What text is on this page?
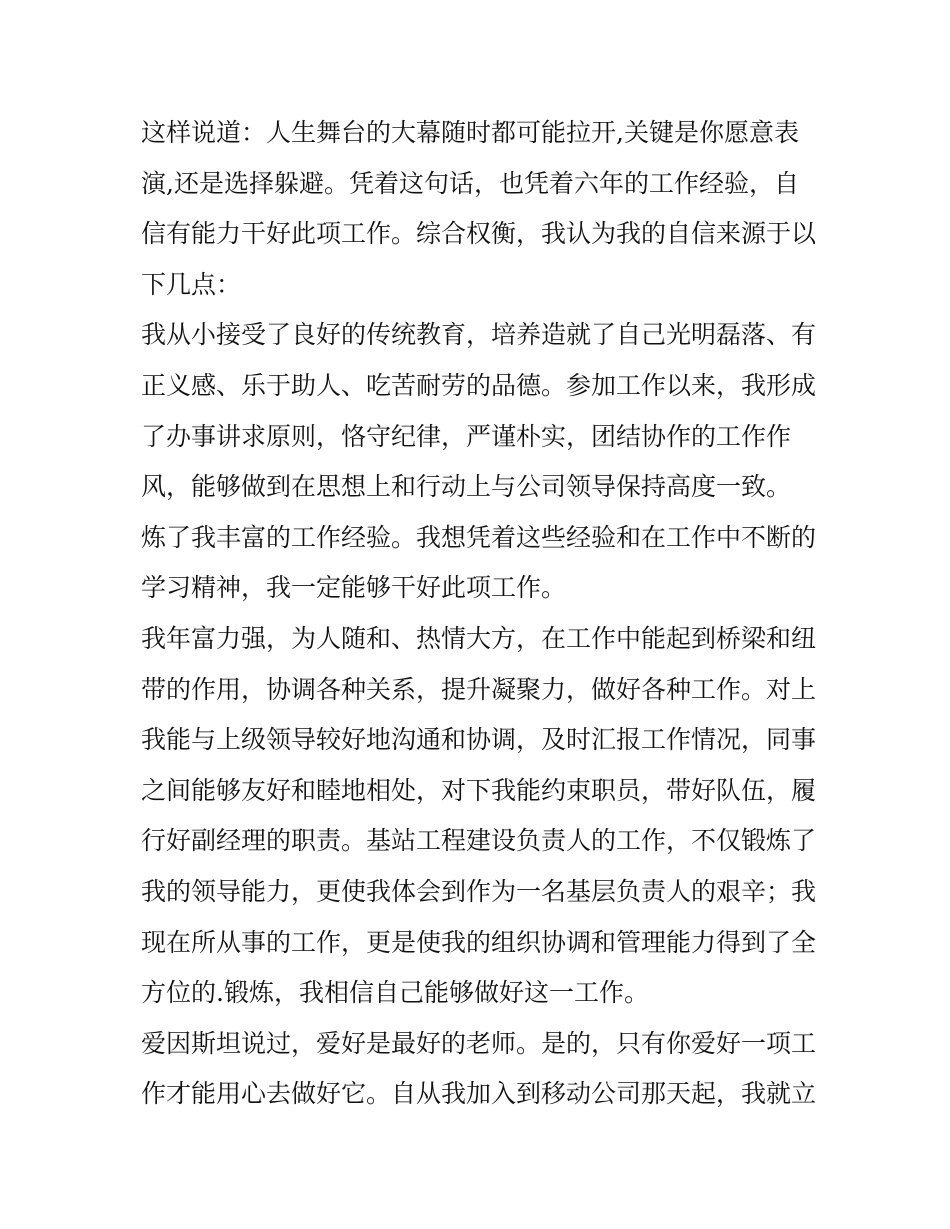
这样说道：人生舞台的大幕随时都可能拉开,关键是你愿意表
演,还是选择躲避。凭着这句话，也凭着六年的工作经验，自
信有能力干好此项工作。综合权衡，我认为我的自信来源于以
下几点：
我从小接受了良好的传统教育，培养造就了自己光明磊落、有
正义感、乐于助人、吃苦耐劳的品德。参加工作以来，我形成
了办事讲求原则，恪守纪律，严谨朴实，团结协作的工作作
风，能够做到在思想上和行动上与公司领导保持高度一致。
炼了我丰富的工作经验。我想凭着这些经验和在工作中不断的
学习精神，我一定能够干好此项工作。
我年富力强，为人随和、热情大方，在工作中能起到桥梁和纽
带的作用，协调各种关系，提升凝聚力，做好各种工作。对上
我能与上级领导较好地沟通和协调，及时汇报工作情况，同事
之间能够友好和睦地相处，对下我能约束职员，带好队伍，履
行好副经理的职责。基站工程建设负责人的工作，不仅锻炼了
我的领导能力，更使我体会到作为一名基层负责人的艰辛；我
现在所从事的工作，更是使我的组织协调和管理能力得到了全
方位的.锻炼，我相信自己能够做好这一工作。
爱因斯坦说过，爱好是最好的老师。是的，只有你爱好一项工
作才能用心去做好它。自从我加入到移动公司那天起，我就立
